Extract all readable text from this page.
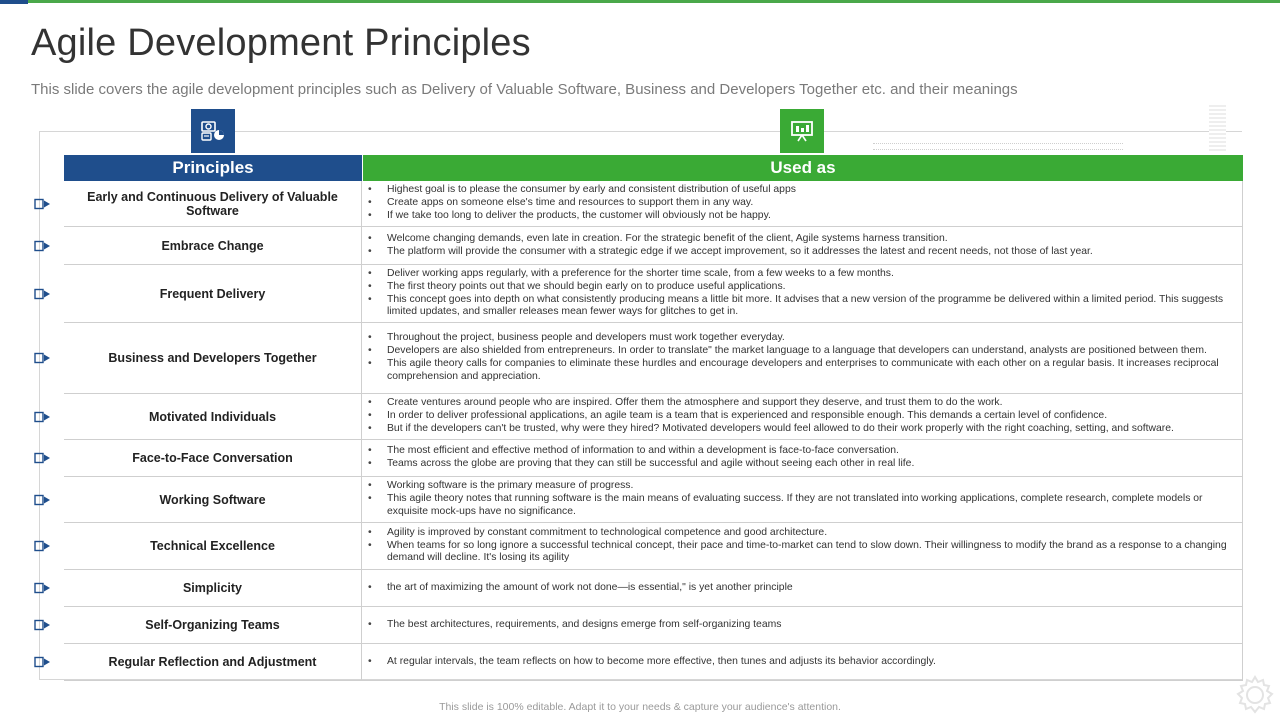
Agile Development Principles
This slide covers the agile development principles such as Delivery of Valuable Software, Business and Developers Together etc. and their meanings
Principles	Used as
Early and Continuous Delivery of Valuable Software
• Highest goal is to please the consumer by early and consistent distribution of useful apps
• Create apps on someone else's time and resources to support them in any way.
• If we take too long to deliver the products, the customer will obviously not be happy.
Embrace Change
• Welcome changing demands, even late in creation. For the strategic benefit of the client, Agile systems harness transition.
• The platform will provide the consumer with a strategic edge if we accept improvement, so it addresses the latest and recent needs, not those of last year.
Frequent Delivery
• Deliver working apps regularly, with a preference for the shorter time scale, from a few weeks to a few months.
• The first theory points out that we should begin early on to produce useful applications.
• This concept goes into depth on what consistently producing means a little bit more. It advises that a new version of the programme be delivered within a limited period. This suggests limited updates, and smaller releases mean fewer ways for glitches to get in.
Business and Developers Together
• Throughout the project, business people and developers must work together everyday.
• Developers are also shielded from entrepreneurs. In order to translate" the market language to a language that developers can understand, analysts are positioned between them.
• This agile theory calls for companies to eliminate these hurdles and encourage developers and enterprises to communicate with each other on a regular basis. It increases reciprocal comprehension and appreciation.
Motivated Individuals
• Create ventures around people who are inspired. Offer them the atmosphere and support they deserve, and trust them to do the work.
• In order to deliver professional applications, an agile team is a team that is experienced and responsible enough. This demands a certain level of confidence.
• But if the developers can't be trusted, why were they hired? Motivated developers would feel allowed to do their work properly with the right coaching, setting, and software.
Face-to-Face Conversation
• The most efficient and effective method of information to and within a development is face-to-face conversation.
• Teams across the globe are proving that they can still be successful and agile without seeing each other in real life.
Working Software
• Working software is the primary measure of progress.
• This agile theory notes that running software is the main means of evaluating success. If they are not translated into working applications, complete research, complete models or exquisite mock-ups have no significance.
Technical Excellence
• Agility is improved by constant commitment to technological competence and good architecture.
• When teams for so long ignore a successful technical concept, their pace and time-to-market can tend to slow down. Their willingness to modify the brand as a response to a changing demand will decline. It's losing its agility
Simplicity	• the art of maximizing the amount of work not done—is essential," is yet another principle
Self-Organizing Teams	• The best architectures, requirements, and designs emerge from self-organizing teams
Regular Reflection and Adjustment	• At regular intervals, the team reflects on how to become more effective, then tunes and adjusts its behavior accordingly.
This slide is 100% editable. Adapt it to your needs & capture your audience's attention.
